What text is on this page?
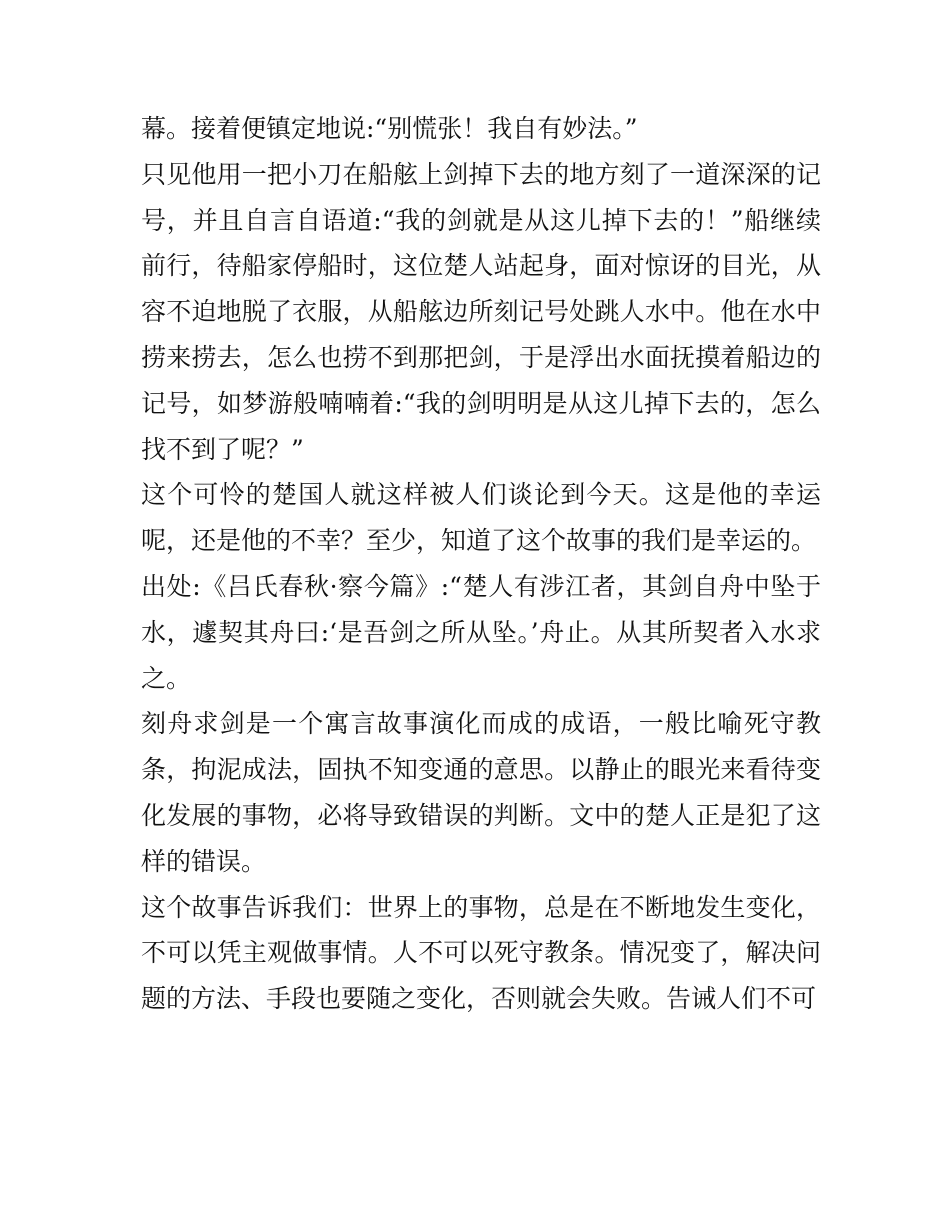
幕。接着便镇定地说:“别慌张！我自有妙法。”

只见他用一把小刀在船舷上剑掉下去的地方刻了一道深深的记号，并且自言自语道:“我的剑就是从这儿掉下去的！”船继续前行，待船家停船时，这位楚人站起身，面对惊讶的目光，从容不迫地脱了衣服，从船舷边所刻记号处跳人水中。他在水中捞来捞去，怎么也捞不到那把剑，于是浮出水面抚摸着船边的记号，如梦游般喃喃着:“我的剑明明是从这儿掉下去的，怎么找不到了呢？”

这个可怜的楚国人就这样被人们谈论到今天。这是他的幸运呢，还是他的不幸？至少，知道了这个故事的我们是幸运的。

出处:《吕氏春秋·察今篇》:“楚人有涉江者，其剑自舟中坠于水，遽契其舟曰:‘是吾剑之所从坠。’舟止。从其所契者入水求之。

刻舟求剑是一个寓言故事演化而成的成语，一般比喻死守教条，拘泥成法，固执不知变通的意思。以静止的眼光来看待变化发展的事物，必将导致错误的判断。文中的楚人正是犯了这样的错误。

这个故事告诉我们：世界上的事物，总是在不断地发生变化，不可以凭主观做事情。人不可以死守教条。情况变了，解决问题的方法、手段也要随之变化，否则就会失败。告诫人们不可
